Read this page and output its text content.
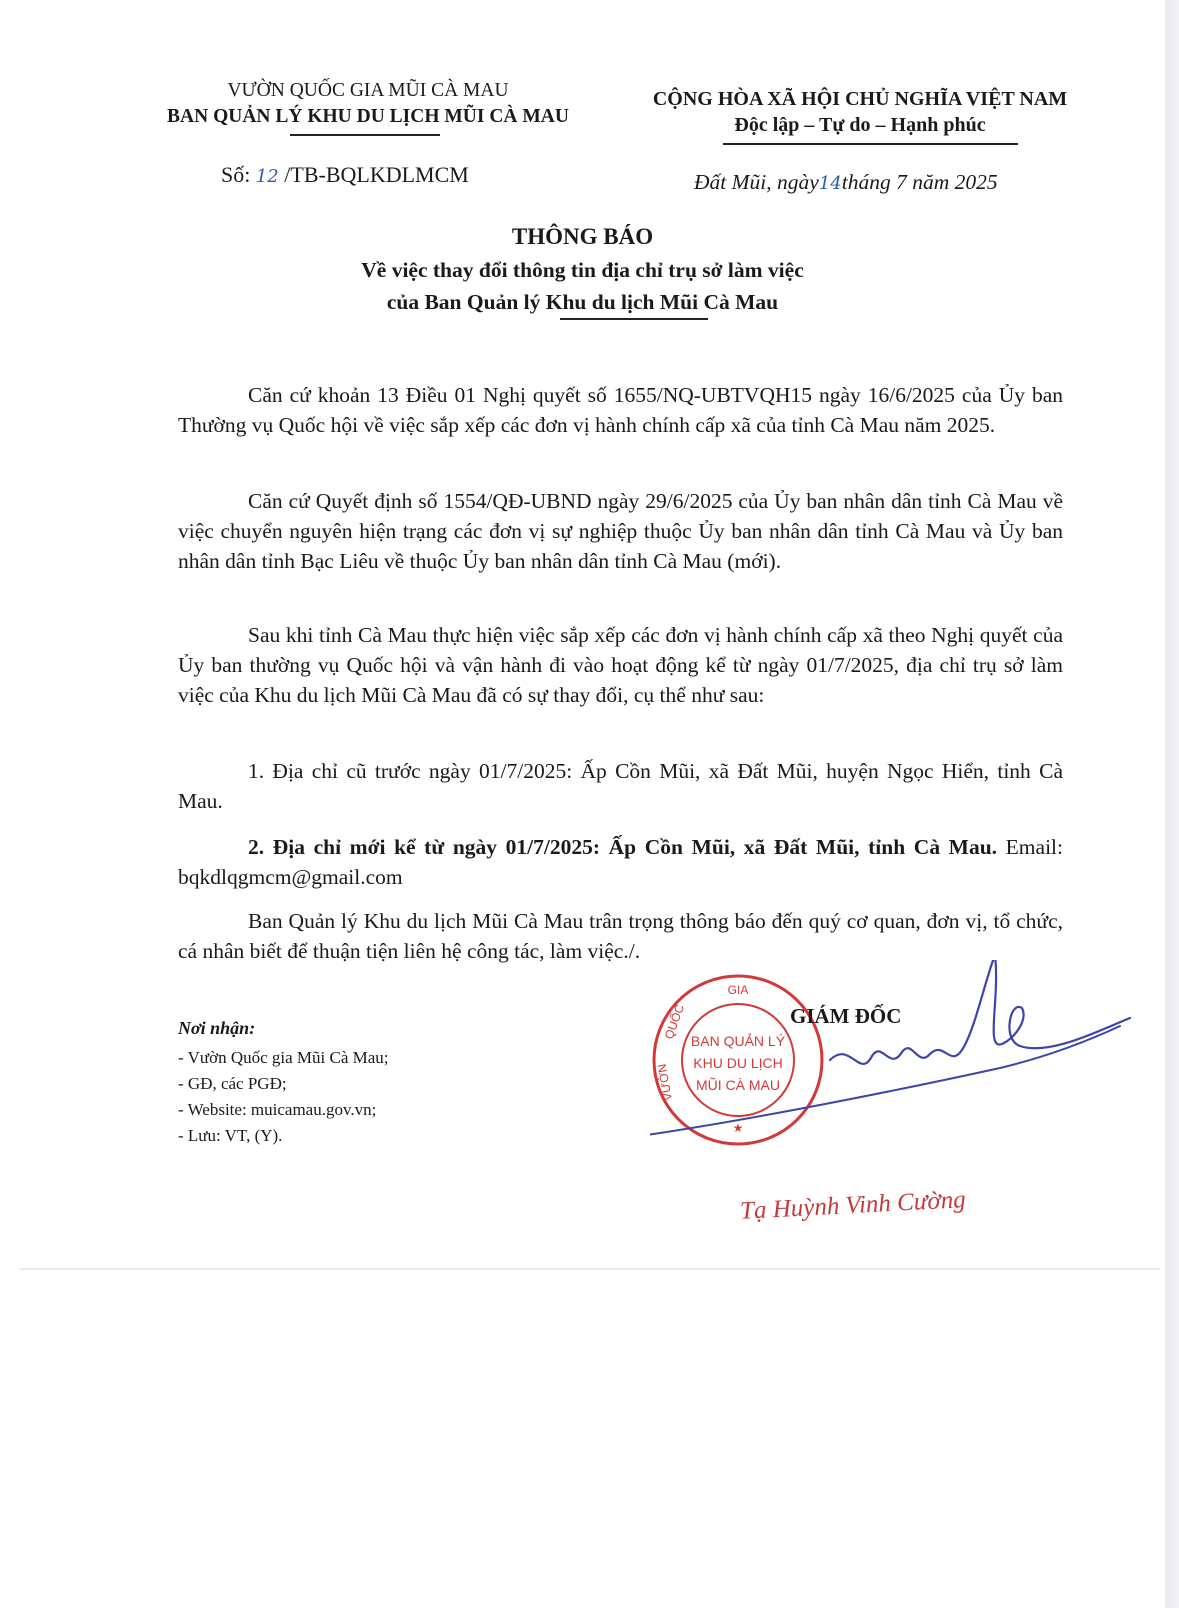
VƯỜN QUỐC GIA MŨI CÀ MAU
BAN QUẢN LÝ KHU DU LỊCH MŨI CÀ MAU
CỘNG HÒA XÃ HỘI CHỦ NGHĨA VIỆT NAM
Độc lập – Tự do – Hạnh phúc
Số: 12 /TB-BQLKDLMCM	Đất Mũi, ngày14tháng 7 năm 2025
THÔNG BÁO
Về việc thay đổi thông tin địa chỉ trụ sở làm việc
của Ban Quản lý Khu du lịch Mũi Cà Mau

Căn cứ khoản 13 Điều 01 Nghị quyết số 1655/NQ-UBTVQH15 ngày 16/6/2025 của Ủy ban Thường vụ Quốc hội về việc sắp xếp các đơn vị hành chính cấp xã của tỉnh Cà Mau năm 2025.

Căn cứ Quyết định số 1554/QĐ-UBND ngày 29/6/2025 của Ủy ban nhân dân tỉnh Cà Mau về việc chuyển nguyên hiện trạng các đơn vị sự nghiệp thuộc Ủy ban nhân dân tỉnh Cà Mau và Ủy ban nhân dân tỉnh Bạc Liêu về thuộc Ủy ban nhân dân tỉnh Cà Mau (mới).

Sau khi tỉnh Cà Mau thực hiện việc sắp xếp các đơn vị hành chính cấp xã theo Nghị quyết của Ủy ban thường vụ Quốc hội và vận hành đi vào hoạt động kể từ ngày 01/7/2025, địa chỉ trụ sở làm việc của Khu du lịch Mũi Cà Mau đã có sự thay đổi, cụ thể như sau:

1. Địa chỉ cũ trước ngày 01/7/2025: Ấp Cồn Mũi, xã Đất Mũi, huyện Ngọc Hiển, tỉnh Cà Mau.

2. Địa chỉ mới kể từ ngày 01/7/2025: Ấp Cồn Mũi, xã Đất Mũi, tỉnh Cà Mau. Email: bqkdlqgmcm@gmail.com

Ban Quản lý Khu du lịch Mũi Cà Mau trân trọng thông báo đến quý cơ quan, đơn vị, tổ chức, cá nhân biết để thuận tiện liên hệ công tác, làm việc./.

Nơi nhận:
- Vườn Quốc gia Mũi Cà Mau;
- GĐ, các PGĐ;
- Website: muicamau.gov.vn;
- Lưu: VT, (Y).
GIA
QUỐC
VƯỜN
BAN QUẢN LÝ
KHU DU LỊCH
MŨI CÀ MAU
★
GIÁM ĐỐC
Tạ Huỳnh Vinh Cường
